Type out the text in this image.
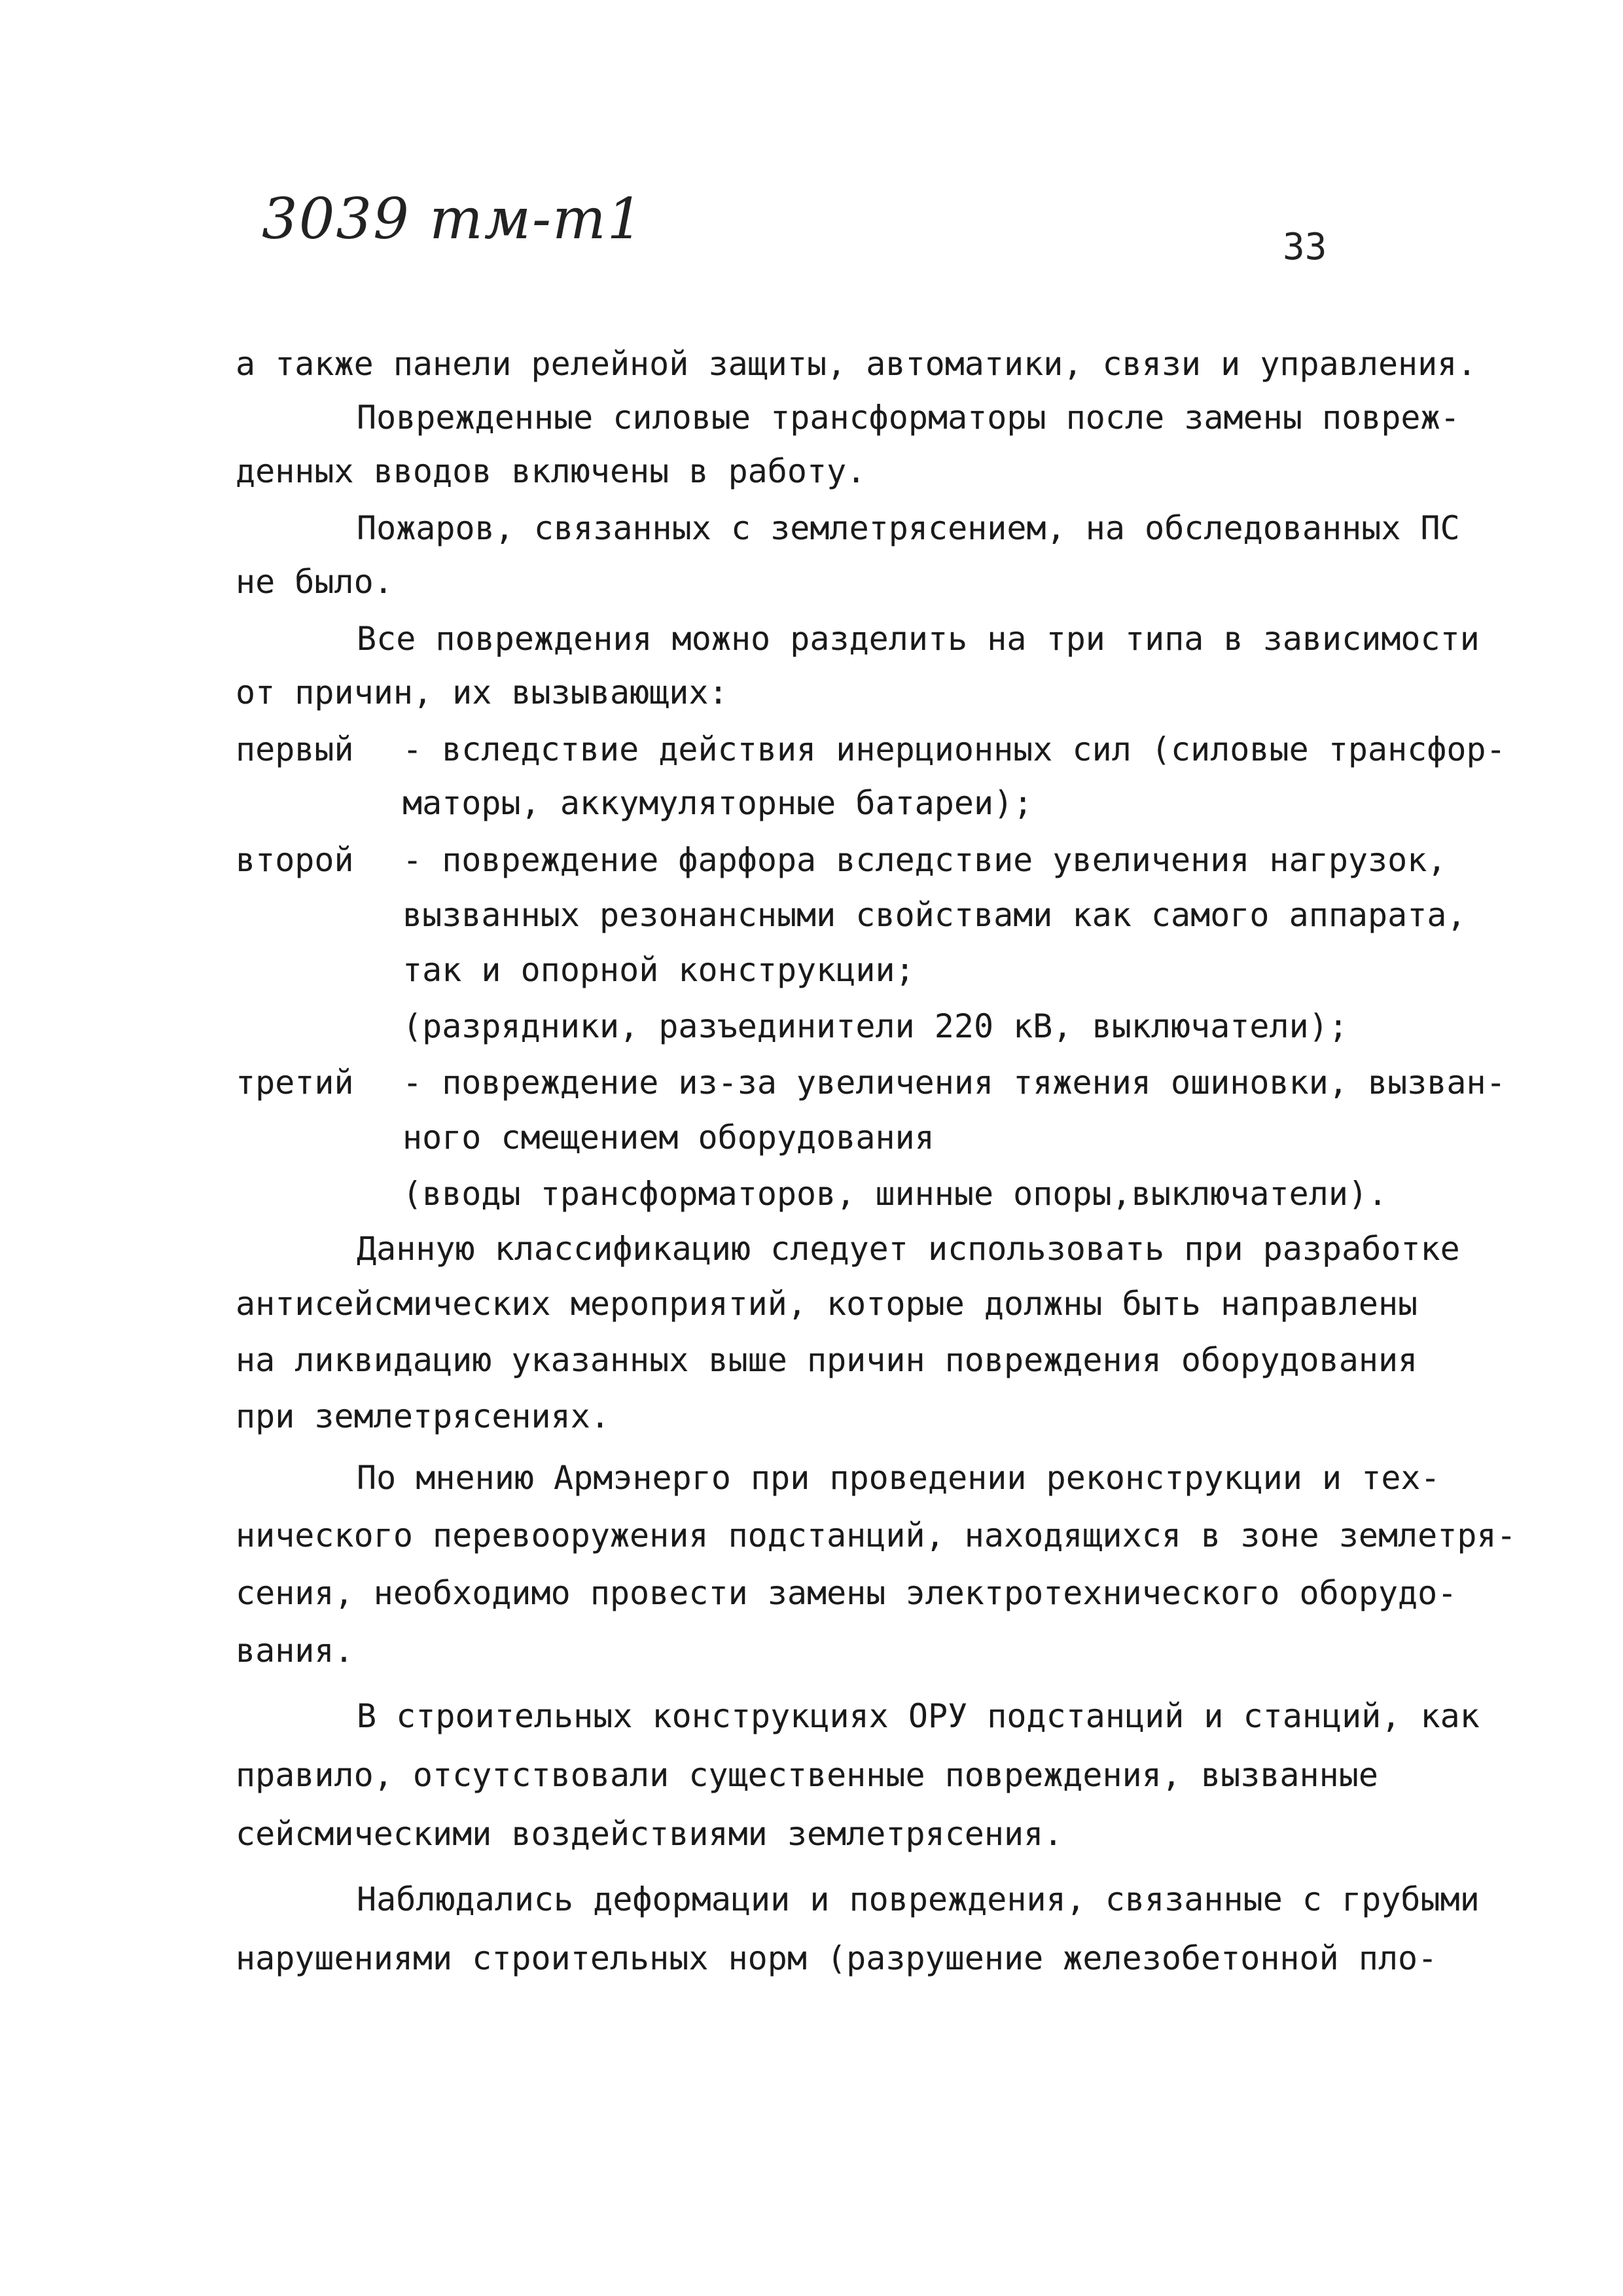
3039 тм-т1	33
а также панели релейной защиты, автоматики, связи и управления.
Поврежденные силовые трансформаторы после замены повреж-
денных вводов включены в работу.
Пожаров, связанных с землетрясением, на обследованных ПС
не было.
Все повреждения можно разделить на три типа в зависимости
от причин, их вызывающих:
первый - вследствие действия инерционных сил (силовые трансфор-
маторы, аккумуляторные батареи);
второй - повреждение фарфора вследствие увеличения нагрузок,
вызванных резонансными свойствами как самого аппарата,
так и опорной конструкции;
(разрядники, разъединители 220 кВ, выключатели);
третий - повреждение из-за увеличения тяжения ошиновки, вызван-
ного смещением оборудования
(вводы трансформаторов, шинные опоры,выключатели).
Данную классификацию следует использовать при разработке
антисейсмических мероприятий, которые должны быть направлены
на ликвидацию указанных выше причин повреждения оборудования
при землетрясениях.
По мнению Армэнерго при проведении реконструкции и тех-
нического перевооружения подстанций, находящихся в зоне землетря-
сения, необходимо провести замены электротехнического оборудо-
вания.
В строительных конструкциях ОРУ подстанций и станций, как
правило, отсутствовали существенные повреждения, вызванные
сейсмическими воздействиями землетрясения.
Наблюдались деформации и повреждения, связанные с грубыми
нарушениями строительных норм (разрушение железобетонной пло-
